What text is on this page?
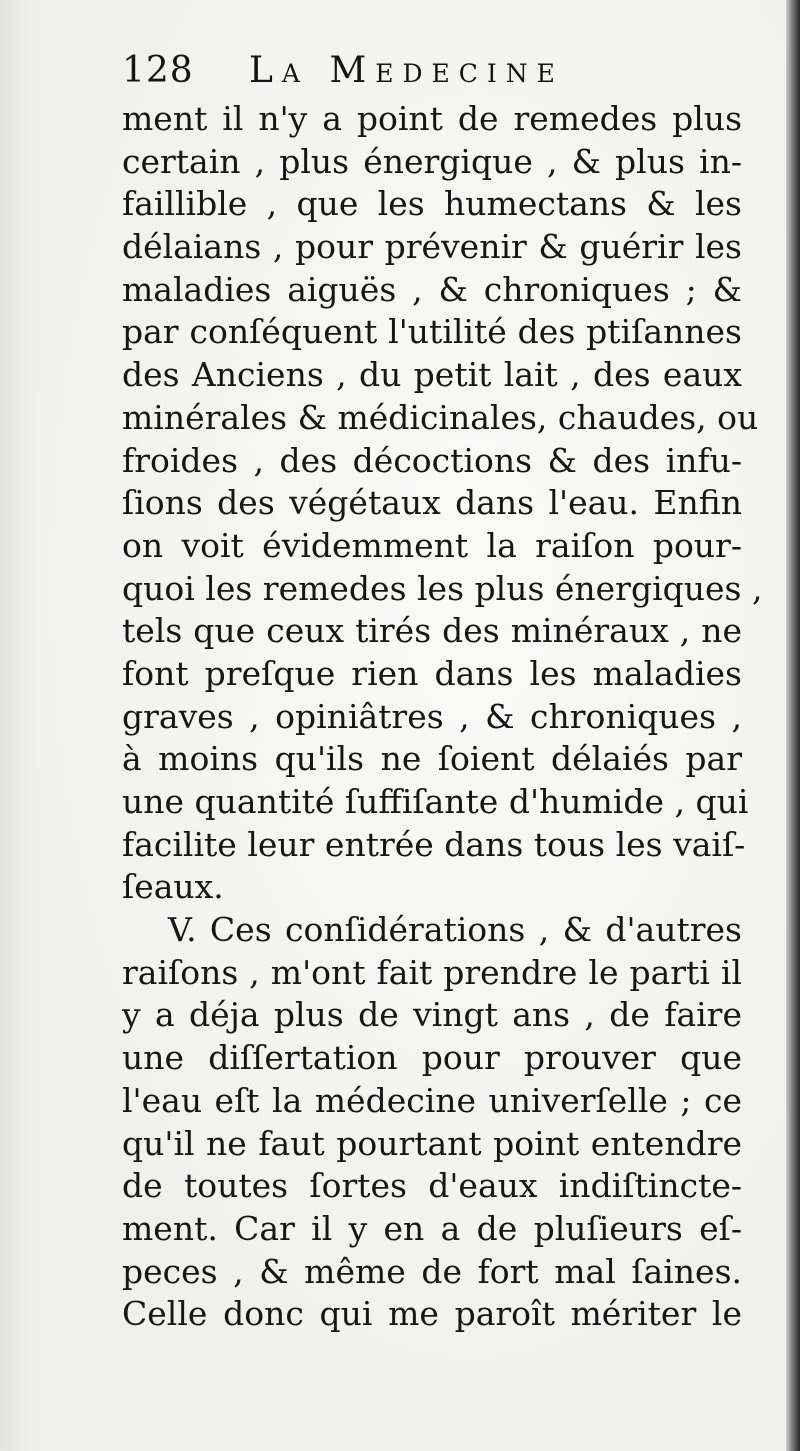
128 La Medecine
ment il n'y a point de remedes plus
certain , plus énergique , & plus in-
faillible , que les humectans & les
délaians , pour prévenir & guérir les
maladies aiguës , & chroniques ; &
par conſéquent l'utilité des ptiſannes
des Anciens , du petit lait , des eaux
minérales & médicinales, chaudes, ou
froides , des décoctions & des infu-
ſions des végétaux dans l'eau. Enfin
on voit évidemment la raiſon pour-
quoi les remedes les plus énergiques ,
tels que ceux tirés des minéraux , ne
font preſque rien dans les maladies
graves , opiniâtres , & chroniques ,
à moins qu'ils ne ſoient délaiés par
une quantité ſuffiſante d'humide , qui
facilite leur entrée dans tous les vaiſ-
ſeaux.
V. Ces conſidérations , & d'autres
raiſons , m'ont fait prendre le parti il
y a déja plus de vingt ans , de faire
une diſſertation pour prouver que
l'eau eſt la médecine univerſelle ; ce
qu'il ne faut pourtant point entendre
de toutes ſortes d'eaux indiſtincte-
ment. Car il y en a de pluſieurs eſ-
peces , & même de fort mal ſaines.
Celle donc qui me paroît mériter le
